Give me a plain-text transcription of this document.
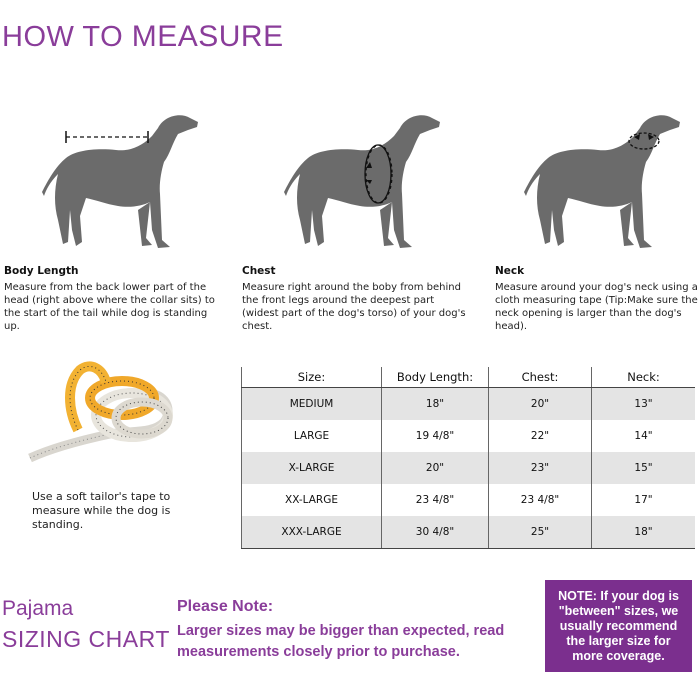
HOW TO MEASURE
Body Length
Measure from the back lower part of the head (right above where the collar sits) to the start of the tail while dog is standing up.
Chest
Measure right around the boby from behind the front legs around the deepest part (widest part of the dog's torso) of your dog's chest.
Neck
Measure around your dog's neck using a cloth measuring tape (Tip:Make sure the neck opening is larger than the dog's head).
Use a soft tailor's tape to measure while the dog is standing.
Size:	Body Length:	Chest:	Neck:
MEDIUM	18"	20"	13"
LARGE	19 4/8"	22"	14"
X-LARGE	20"	23"	15"
XX-LARGE	23 4/8"	23 4/8"	17"
XXX-LARGE	30 4/8"	25"	18"
Pajama
SIZING CHART
Please Note:
Larger sizes may be bigger than expected, read measurements closely prior to purchase.
NOTE: If your dog is "between" sizes, we usually recommend the larger size for more coverage.
